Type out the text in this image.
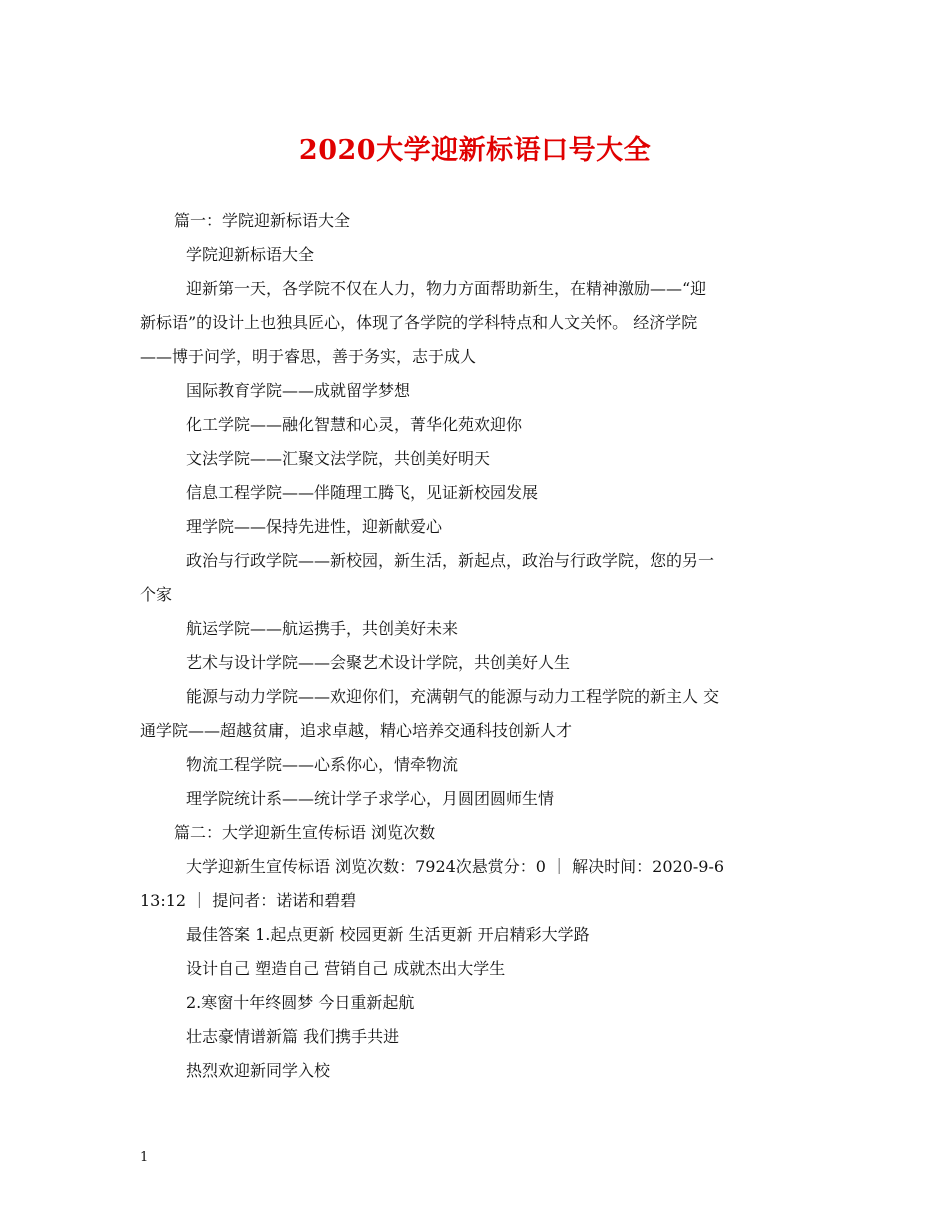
2020大学迎新标语口号大全
篇一：学院迎新标语大全
学院迎新标语大全
迎新第一天，各学院不仅在人力，物力方面帮助新生，在精神激励——“迎
新标语”的设计上也独具匠心，体现了各学院的学科特点和人文关怀。 经济学院
——博于问学，明于睿思，善于务实，志于成人
国际教育学院——成就留学梦想
化工学院——融化智慧和心灵，菁华化苑欢迎你
文法学院——汇聚文法学院，共创美好明天
信息工程学院——伴随理工腾飞，见证新校园发展
理学院——保持先进性，迎新献爱心
政治与行政学院——新校园，新生活，新起点，政治与行政学院，您的另一
个家
航运学院——航运携手，共创美好未来
艺术与设计学院——会聚艺术设计学院，共创美好人生
能源与动力学院——欢迎你们，充满朝气的能源与动力工程学院的新主人 交
通学院——超越贫庸，追求卓越，精心培养交通科技创新人才
物流工程学院——心系你心，情牵物流
理学院统计系——统计学子求学心，月圆团圆师生情
篇二：大学迎新生宣传标语 浏览次数
大学迎新生宣传标语 浏览次数：7924次悬赏分：0 ｜ 解决时间：2020-9-6
13:12 ｜ 提问者：诺诺和碧碧
最佳答案 1.起点更新 校园更新 生活更新 开启精彩大学路
设计自己 塑造自己 营销自己 成就杰出大学生
2.寒窗十年终圆梦 今日重新起航
壮志豪情谱新篇 我们携手共进
热烈欢迎新同学入校
1
